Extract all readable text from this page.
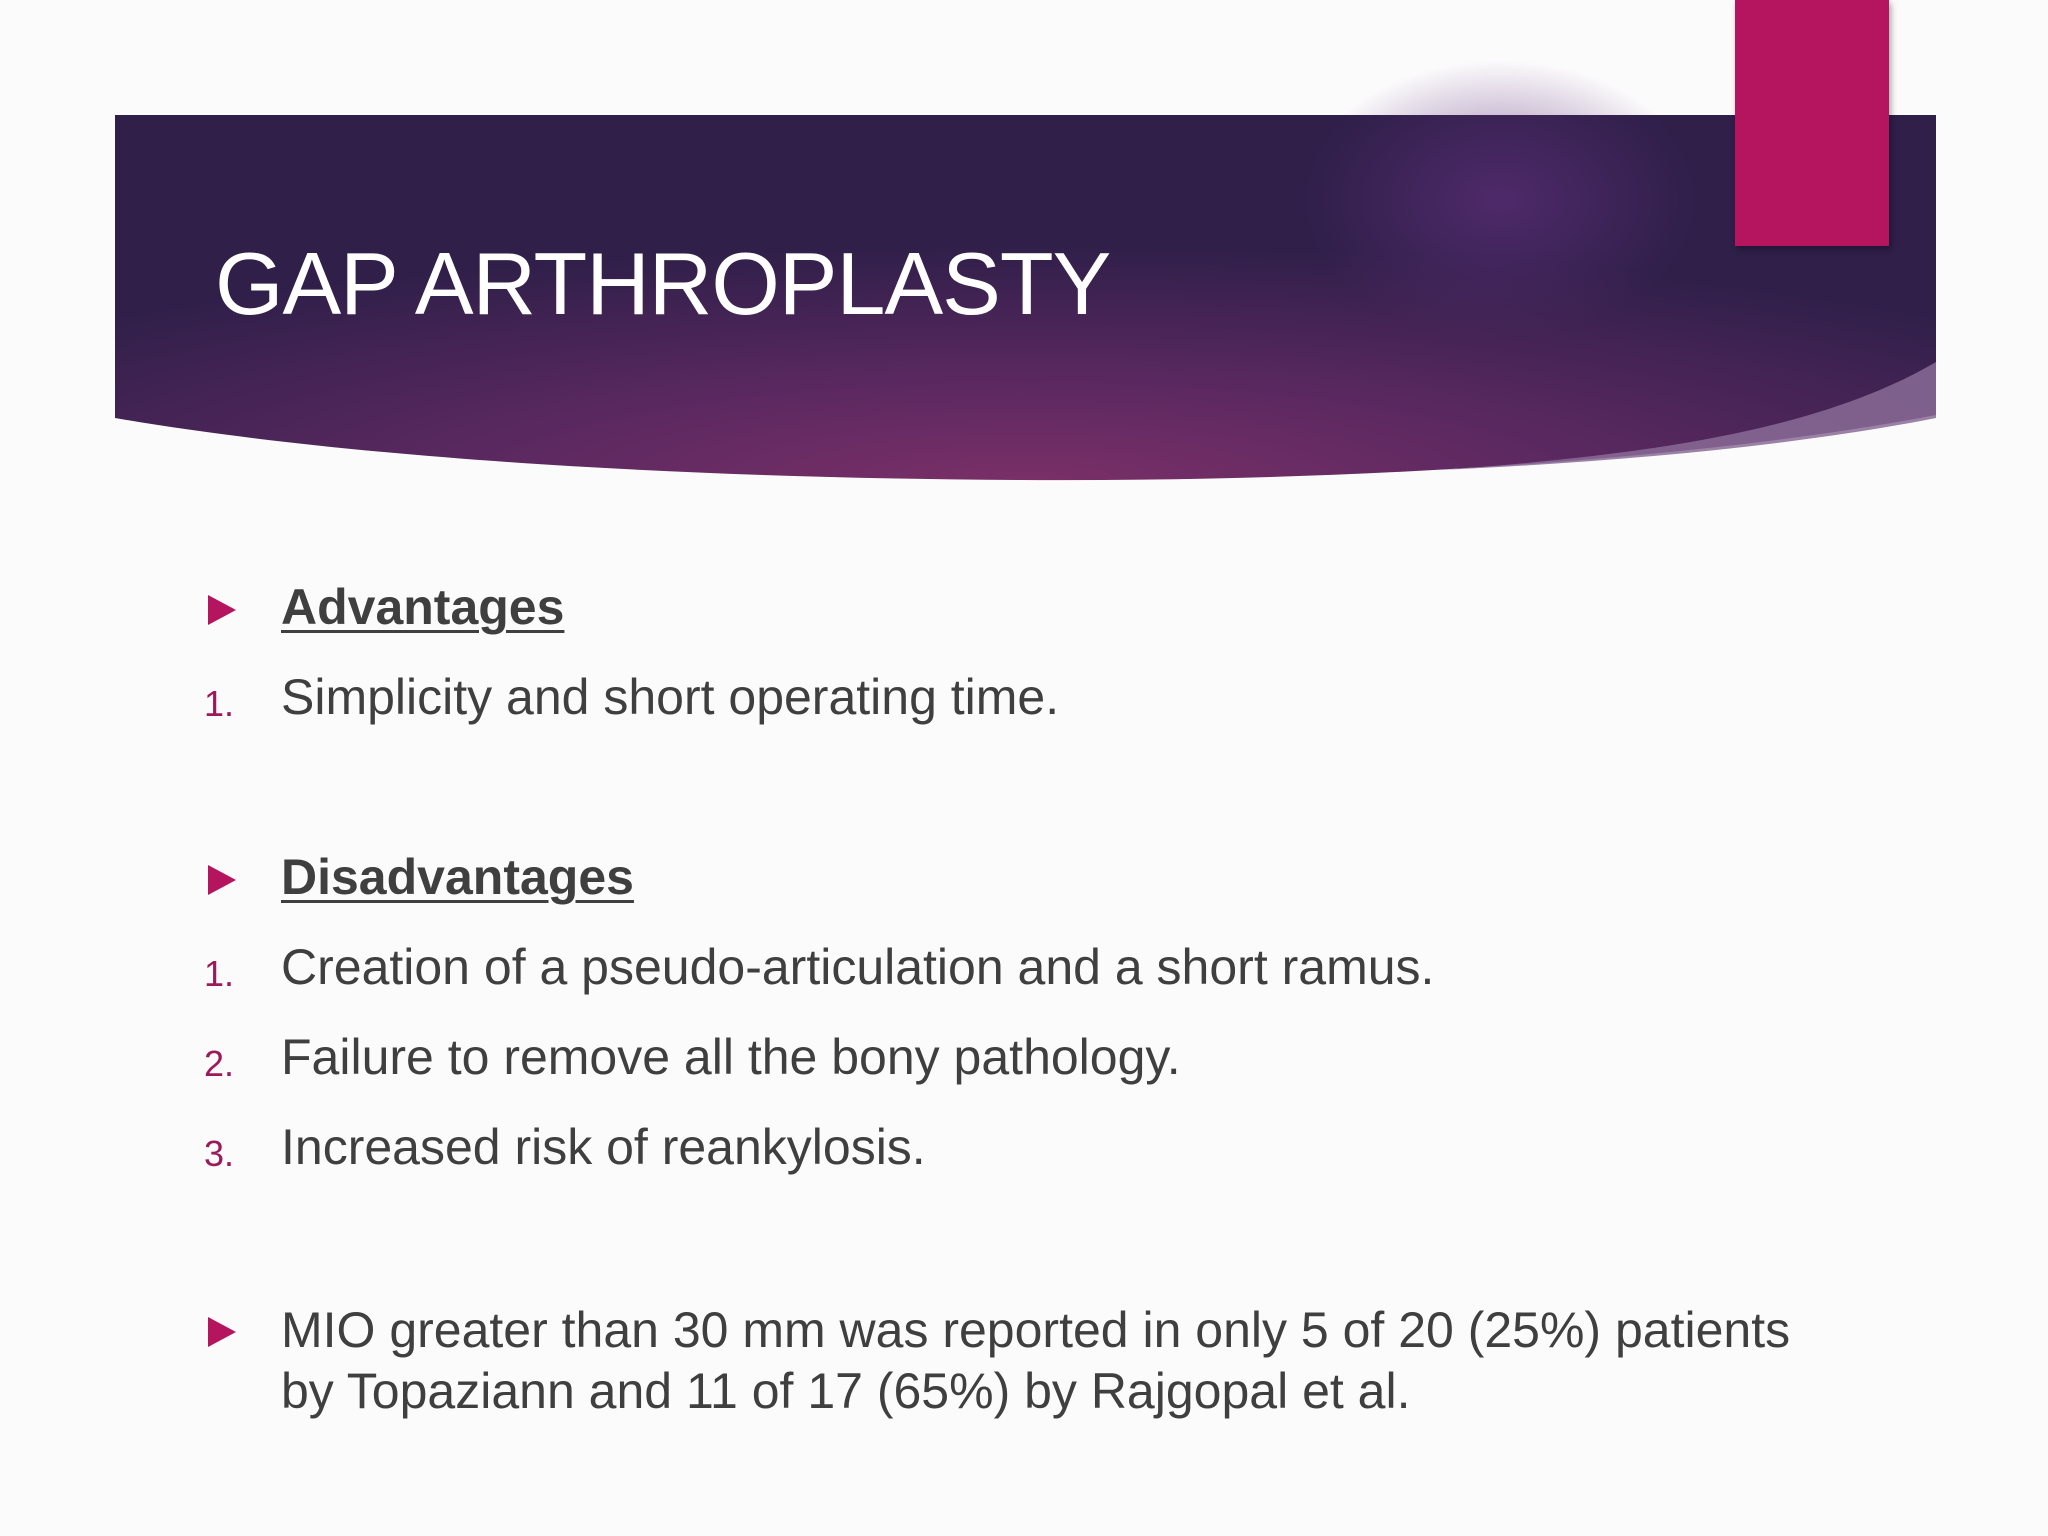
GAP ARTHROPLASTY
Advantages
1. Simplicity and short operating time.
Disadvantages
1. Creation of a pseudo-articulation and a short ramus.
2. Failure to remove all the bony pathology.
3. Increased risk of reankylosis.
MIO greater than 30 mm was reported in only 5 of 20 (25%) patients
by Topaziann and 11 of 17 (65%) by Rajgopal et al.
